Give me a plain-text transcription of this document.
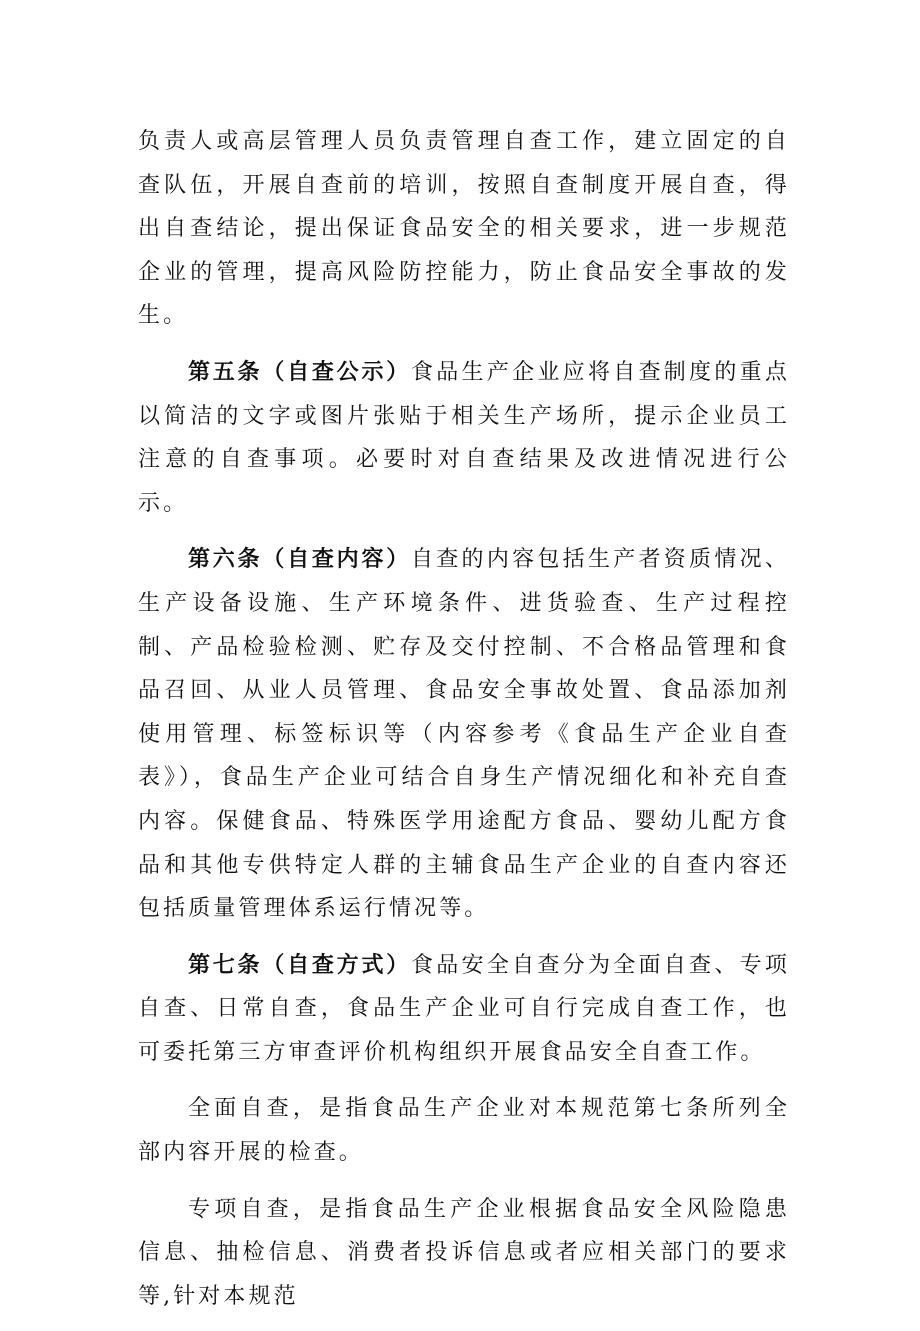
负责人或高层管理人员负责管理自查工作，建立固定的自查队伍，开展自查前的培训，按照自查制度开展自查，得出自查结论，提出保证食品安全的相关要求，进一步规范企业的管理，提高风险防控能力，防止食品安全事故的发生。

第五条（自查公示）食品生产企业应将自查制度的重点以简洁的文字或图片张贴于相关生产场所，提示企业员工注意的自查事项。必要时对自查结果及改进情况进行公示。

第六条（自查内容）自查的内容包括生产者资质情况、生产设备设施、生产环境条件、进货验查、生产过程控制、产品检验检测、贮存及交付控制、不合格品管理和食品召回、从业人员管理、食品安全事故处置、食品添加剂使用管理、标签标识等（内容参考《食品生产企业自查表》），食品生产企业可结合自身生产情况细化和补充自查内容。保健食品、特殊医学用途配方食品、婴幼儿配方食品和其他专供特定人群的主辅食品生产企业的自查内容还包括质量管理体系运行情况等。

第七条（自查方式）食品安全自查分为全面自查、专项自查、日常自查，食品生产企业可自行完成自查工作，也可委托第三方审查评价机构组织开展食品安全自查工作。

全面自查，是指食品生产企业对本规范第七条所列全部内容开展的检查。

专项自查，是指食品生产企业根据食品安全风险隐患信息、抽检信息、消费者投诉信息或者应相关部门的要求等,针对本规范
